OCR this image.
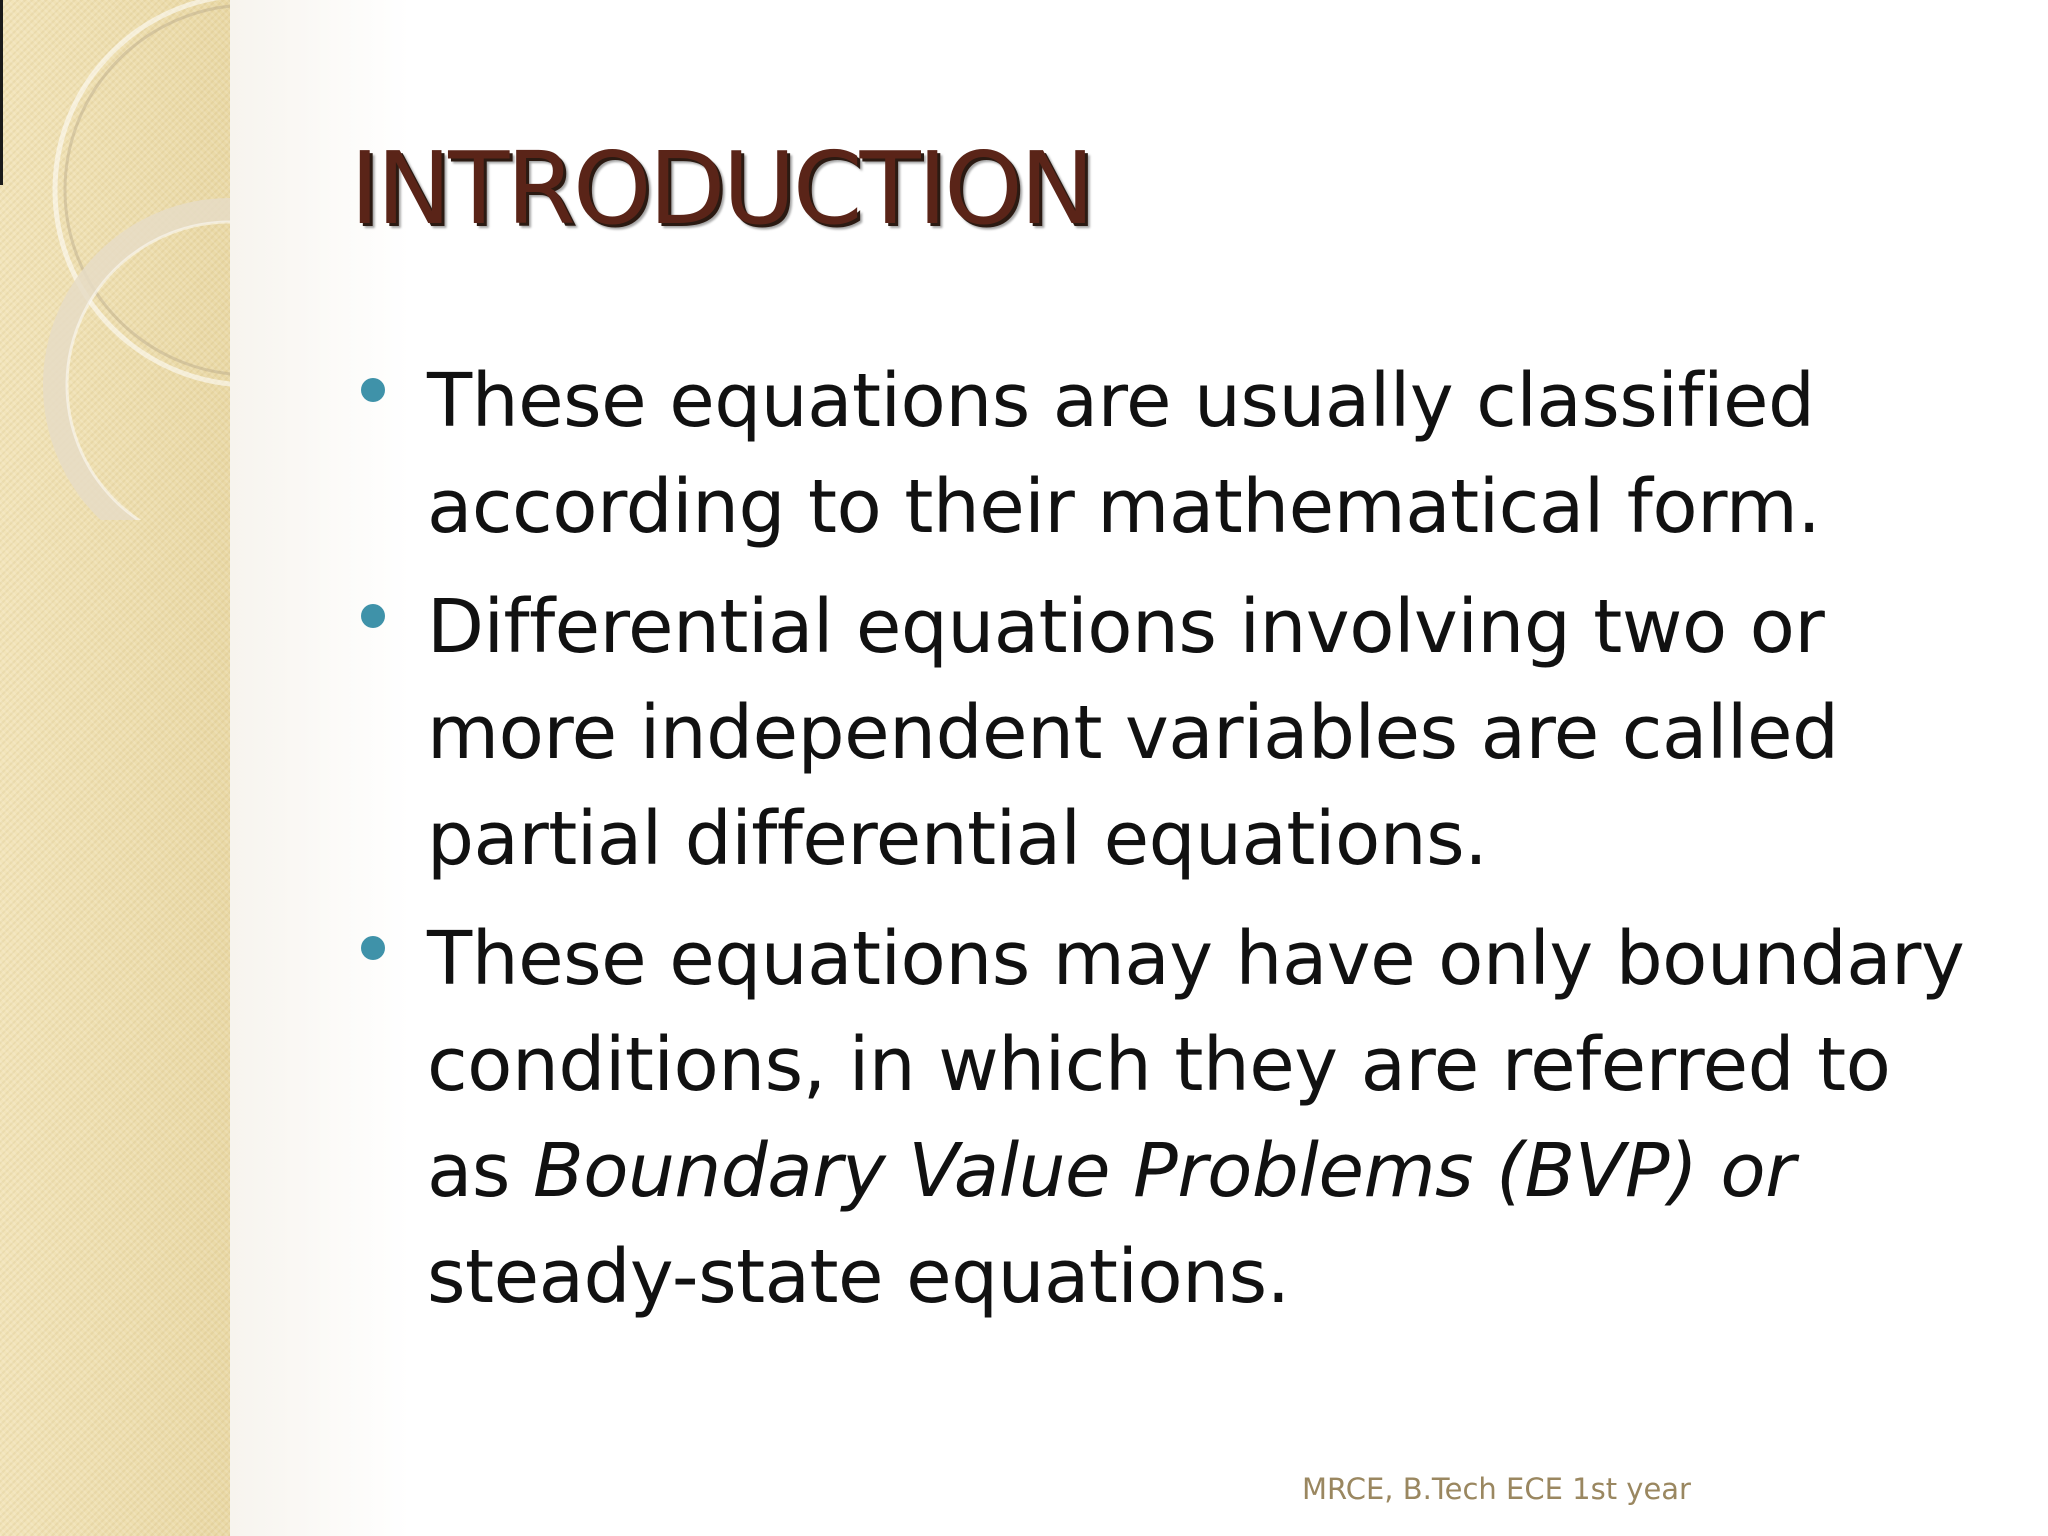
INTRODUCTION
These equations are usually classified
according to their mathematical form.
Differential equations involving two or
more independent variables are called
partial differential equations.
These equations may have only boundary
conditions, in which they are referred to
as Boundary Value Problems (BVP) or
steady-state equations.
MRCE, B.Tech ECE 1st year
